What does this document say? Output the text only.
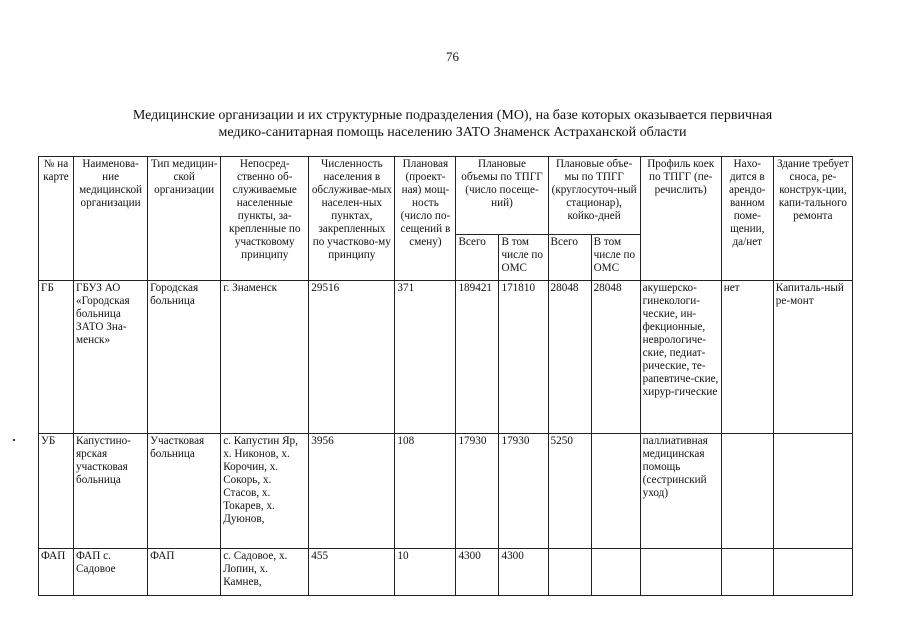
76
Медицинские организации и их структурные подразделения (МО), на базе которых оказывается первичная
медико-санитарная помощь населению ЗАТО Знаменск Астраханской области
№ на карте	Наименова-ние медицинской организации	Тип медицин-ской организации	Непосред-ственно об-служиваемые населенные пункты, за-крепленные по участковому принципу	Численность населения в обслуживае-мых населен-ных пунктах, закрепленных по участково-му принципу	Плановая (проект-ная) мощ-ность (число по-сещений в смену)	Плановые объемы по ТПГГ (число посеще-ний)		Плановые объе-мы по ТПГГ (круглосуточ-ный стационар), койко-дней		Профиль коек по ТПГГ (пе-речислить)	Нахо-дится в арендо-ванном поме-щении, да/нет	Здание требует сноса, ре-конструк-ции, капи-тального ремонта
						Всего	В том числе по ОМС	Всего	В том числе по ОМС			
ГБ	ГБУЗ АО «Городская больница ЗАТО Зна-менск»	Городская больница	г. Знаменск	29516	371	189421	171810	28048	28048	акушерско-гинекологи-ческие, ин-фекционные, неврологиче-ские, педиат-рические, те-рапевтиче-ские, хирур-гические	нет	Капиталь-ный ре-монт
УБ	Капустино-ярская участковая больница	Участковая больница	с. Капустин Яр, х. Никонов, х. Корочин, х. Сокорь, х. Стасов, х. Токарев, х. Дуюнов,	3956	108	17930	17930	5250		паллиативная медицинская помощь (сестринский уход)		
ФАП	ФАП с. Садовое	ФАП	с. Садовое, х. Лопин, х. Камнев,	455	10	4300	4300					
